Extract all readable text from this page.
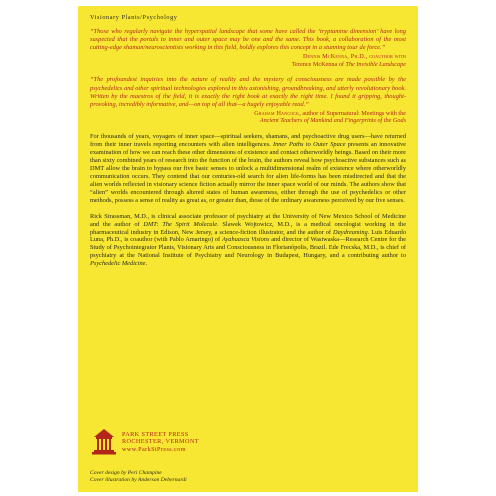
Visionary Plants/Psychology

“Those who regularly navigate the hyperspatial landscape that some have called the ‘tryptamine dimension’ have long suspected that the portals to inner and outer space may be one and the same. This book, a collaboration of the most cutting-edge shaman/neuroscientists working in this field, boldly explores this concept in a stunning tour de force.”

Dennis McKenna, Ph.D., coauthor with
Terence McKenna of The Invisible Landscape

“The profoundest inquiries into the nature of reality and the mystery of consciousness are made possible by the psychedelics and other spiritual technologies explored in this astonishing, groundbreaking, and utterly revolutionary book. Written by the maestros of the field, it is exactly the right book at exactly the right time. I found it gripping, thought-provoking, incredibly informative, and—on top of all that—a hugely enjoyable read.”

Graham Hancock, author of Supernatural: Meetings with the
Ancient Teachers of Mankind and Fingerprints of the Gods

For thousands of years, voyagers of inner space—spiritual seekers, shamans, and psychoactive drug users—have returned from their inner travels reporting encounters with alien intelligences. Inner Paths to Outer Space presents an innovative examination of how we can reach these other dimensions of existence and contact otherworldly beings. Based on their more than sixty combined years of research into the function of the brain, the authors reveal how psychoactive substances such as DMT allow the brain to bypass our five basic senses to unlock a multidimensional realm of existence where otherworldly communication occurs. They contend that our centuries-old search for alien life-forms has been misdirected and that the alien worlds reflected in visionary science fiction actually mirror the inner space world of our minds. The authors show that “alien” worlds encountered through altered states of human awareness, either through the use of psychedelics or other methods, possess a sense of reality as great as, or greater than, those of the ordinary awareness perceived by our five senses.

Rick Strassman, M.D., is clinical associate professor of psychiatry at the University of New Mexico School of Medicine and the author of DMT: The Spirit Molecule. Slawek Wojtowicz, M.D., is a medical oncologist working in the pharmaceutical industry in Edison, New Jersey, a science-fiction illustrator, and the author of Daydreaming. Luis Eduardo Luna, Ph.D., is coauthor (with Pablo Amaringo) of Ayahuasca Visions and director of Wasiwaska—Research Centre for the Study of Psychointegrator Plants, Visionary Arts and Consciousness in Florianópolis, Brazil. Ede Frecska, M.D., is chief of psychiatry at the National Institute of Psychiatry and Neurology in Budapest, Hungary, and a contributing author to Psychedelic Medicine.

PARK STREET PRESS
ROCHESTER, VERMONT
www.ParkStPress.com
Cover design by Peri Champine
Cover illustration by Anderson Debernardi
